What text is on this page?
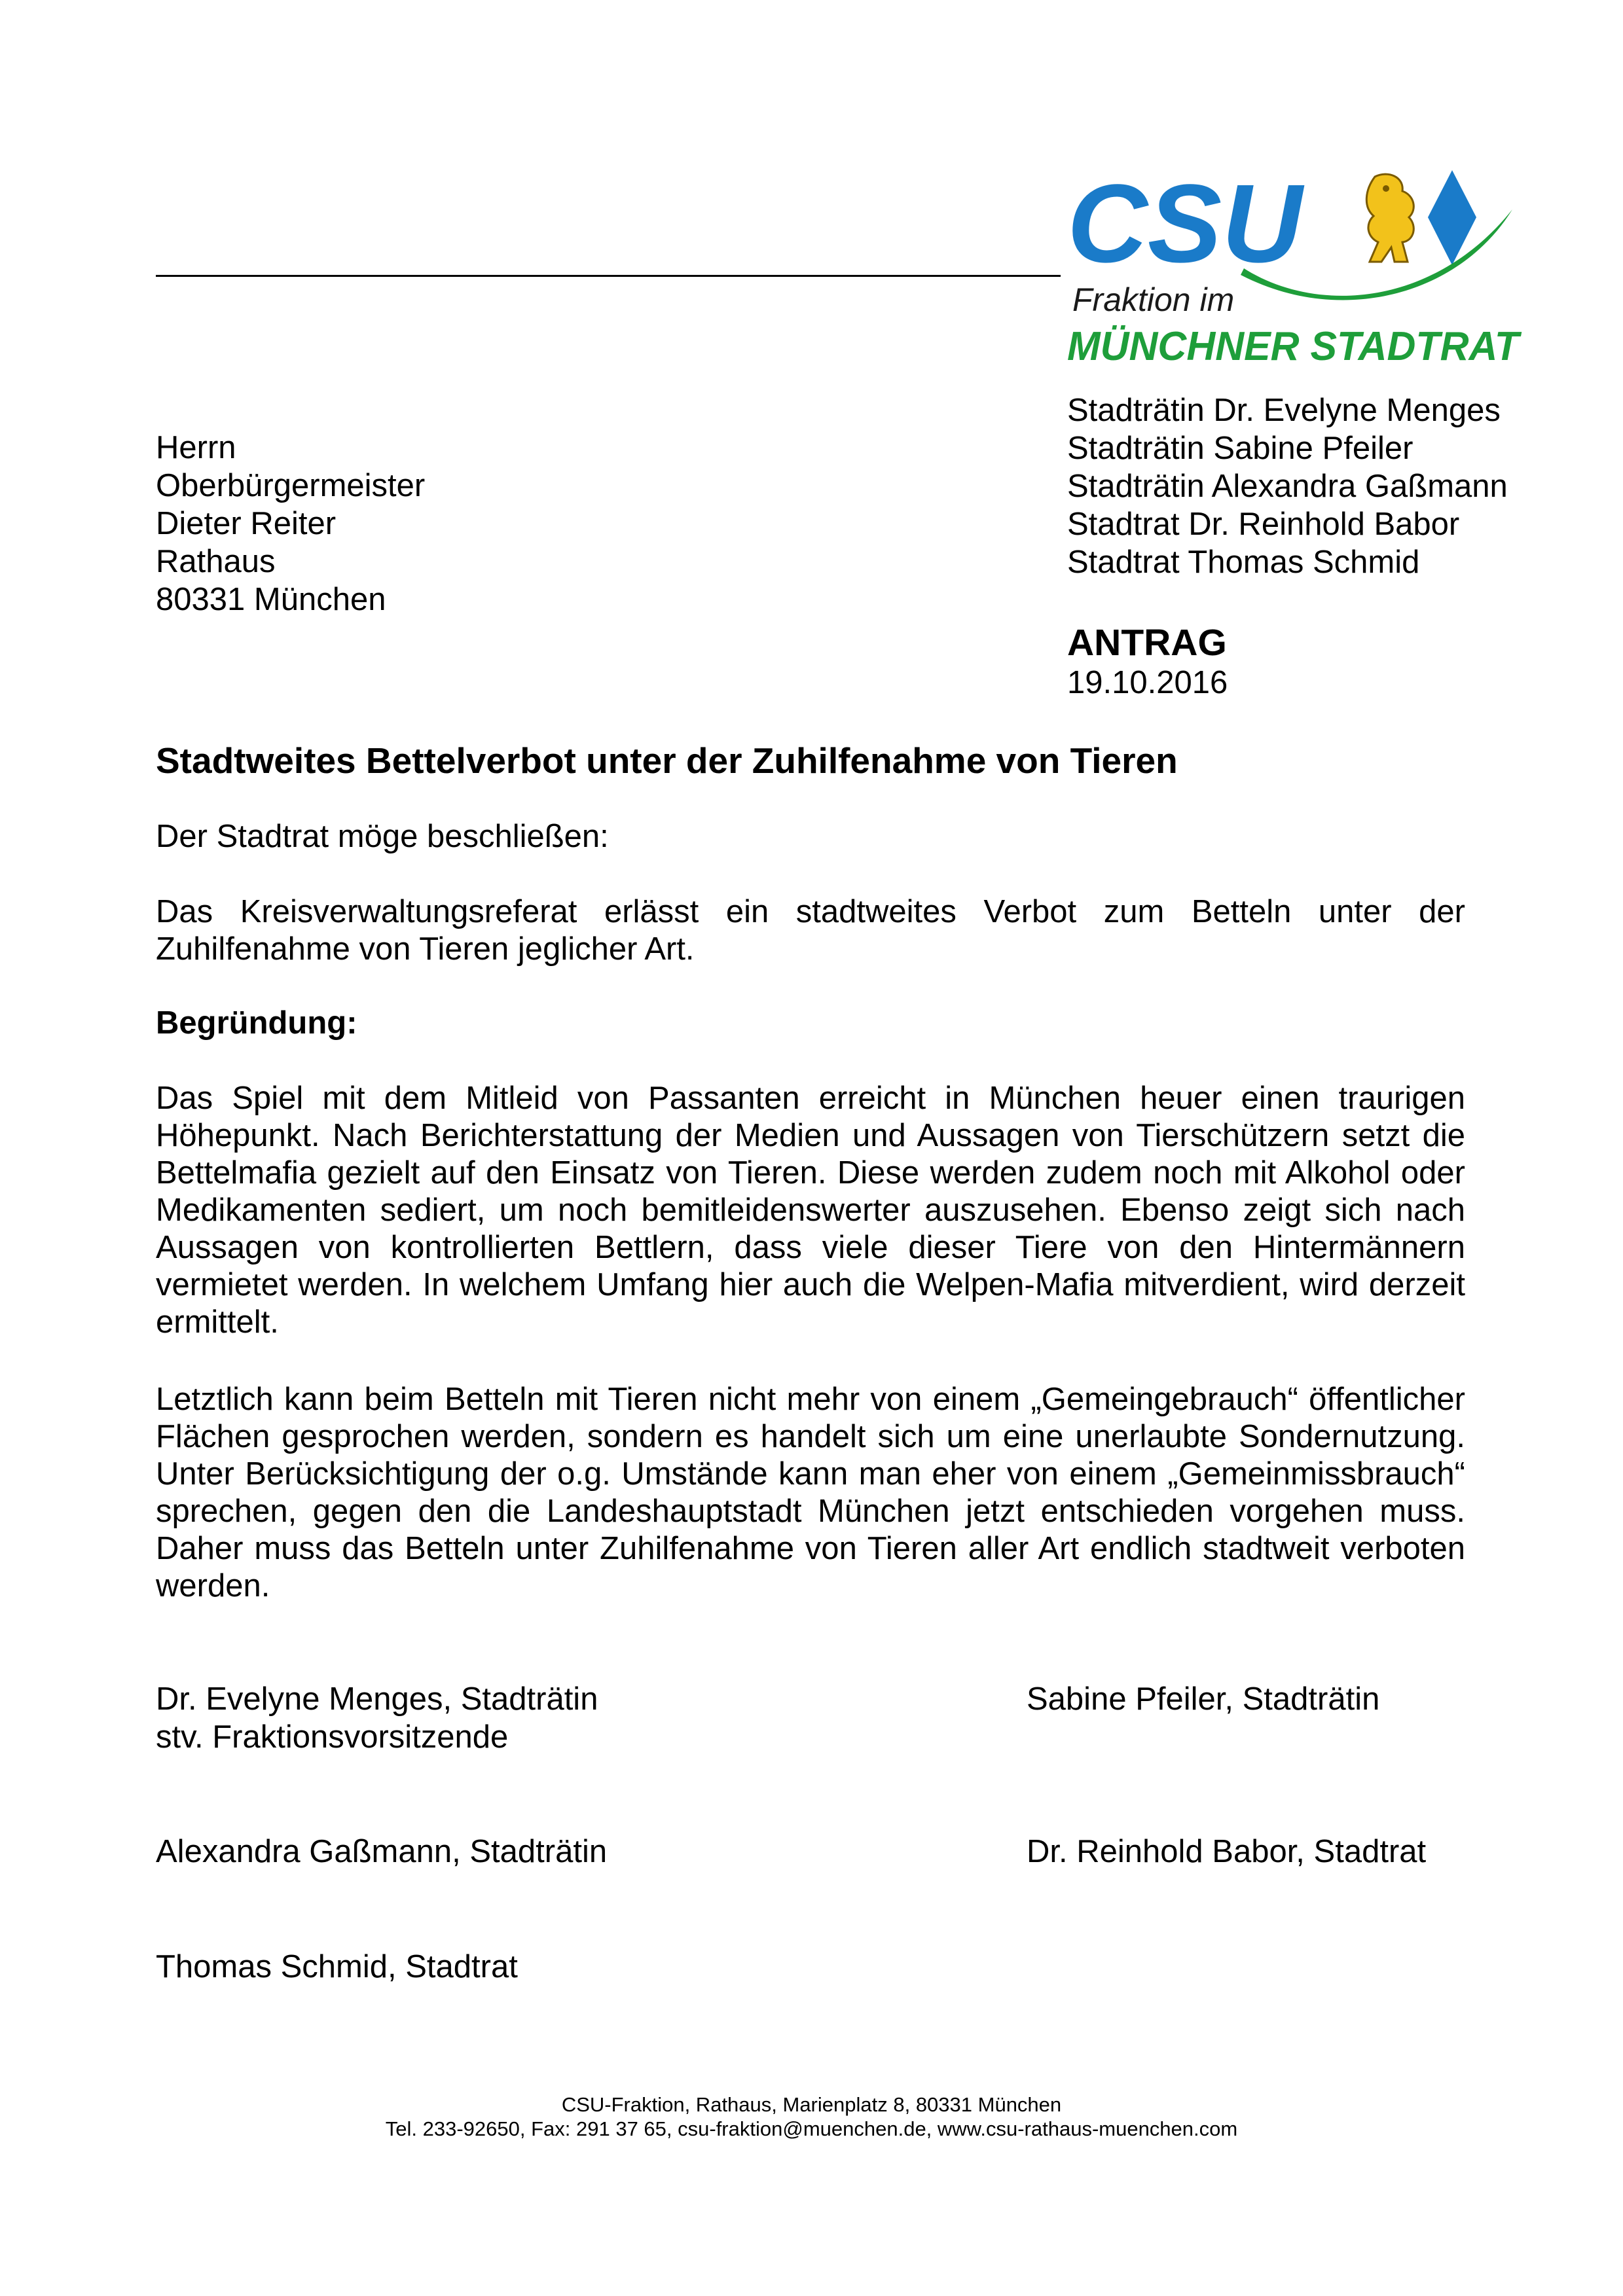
CSU
Fraktion im
MÜNCHNER STADTRAT
Herrn
Oberbürgermeister
Dieter Reiter
Rathaus
80331 München
Stadträtin Dr. Evelyne Menges
Stadträtin Sabine Pfeiler
Stadträtin Alexandra Gaßmann
Stadtrat Dr. Reinhold Babor
Stadtrat Thomas Schmid
ANTRAG
19.10.2016
Stadtweites Bettelverbot unter der Zuhilfenahme von Tieren
Der Stadtrat möge beschließen:
Das Kreisverwaltungsreferat erlässt ein stadtweites Verbot zum Betteln unter der Zuhilfenahme von Tieren jeglicher Art.
Begründung:
Das Spiel mit dem Mitleid von Passanten erreicht in München heuer einen traurigen Höhepunkt. Nach Berichterstattung der Medien und Aussagen von Tierschützern setzt die Bettelmafia gezielt auf den Einsatz von Tieren. Diese werden zudem noch mit Alkohol oder Medikamenten sediert, um noch bemitleidenswerter auszusehen. Ebenso zeigt sich nach Aussagen von kontrollierten Bettlern, dass viele dieser Tiere von den Hintermännern vermietet werden. In welchem Umfang hier auch die Welpen-Mafia mitverdient, wird derzeit ermittelt.
Letztlich kann beim Betteln mit Tieren nicht mehr von einem „Gemeingebrauch“ öffentlicher Flächen gesprochen werden, sondern es handelt sich um eine unerlaubte Sondernutzung. Unter Berücksichtigung der o.g. Umstände kann man eher von einem „Gemeinmissbrauch“ sprechen, gegen den die Landeshauptstadt München jetzt entschieden vorgehen muss. Daher muss das Betteln unter Zuhilfenahme von Tieren aller Art endlich stadtweit verboten werden.
Dr. Evelyne Menges, Stadträtin
stv. Fraktionsvorsitzende
Sabine Pfeiler, Stadträtin
Alexandra Gaßmann, Stadträtin	Dr. Reinhold Babor, Stadtrat
Thomas Schmid, Stadtrat
CSU-Fraktion, Rathaus, Marienplatz 8, 80331 München
Tel. 233-92650, Fax: 291 37 65, csu-fraktion@muenchen.de, www.csu-rathaus-muenchen.com
